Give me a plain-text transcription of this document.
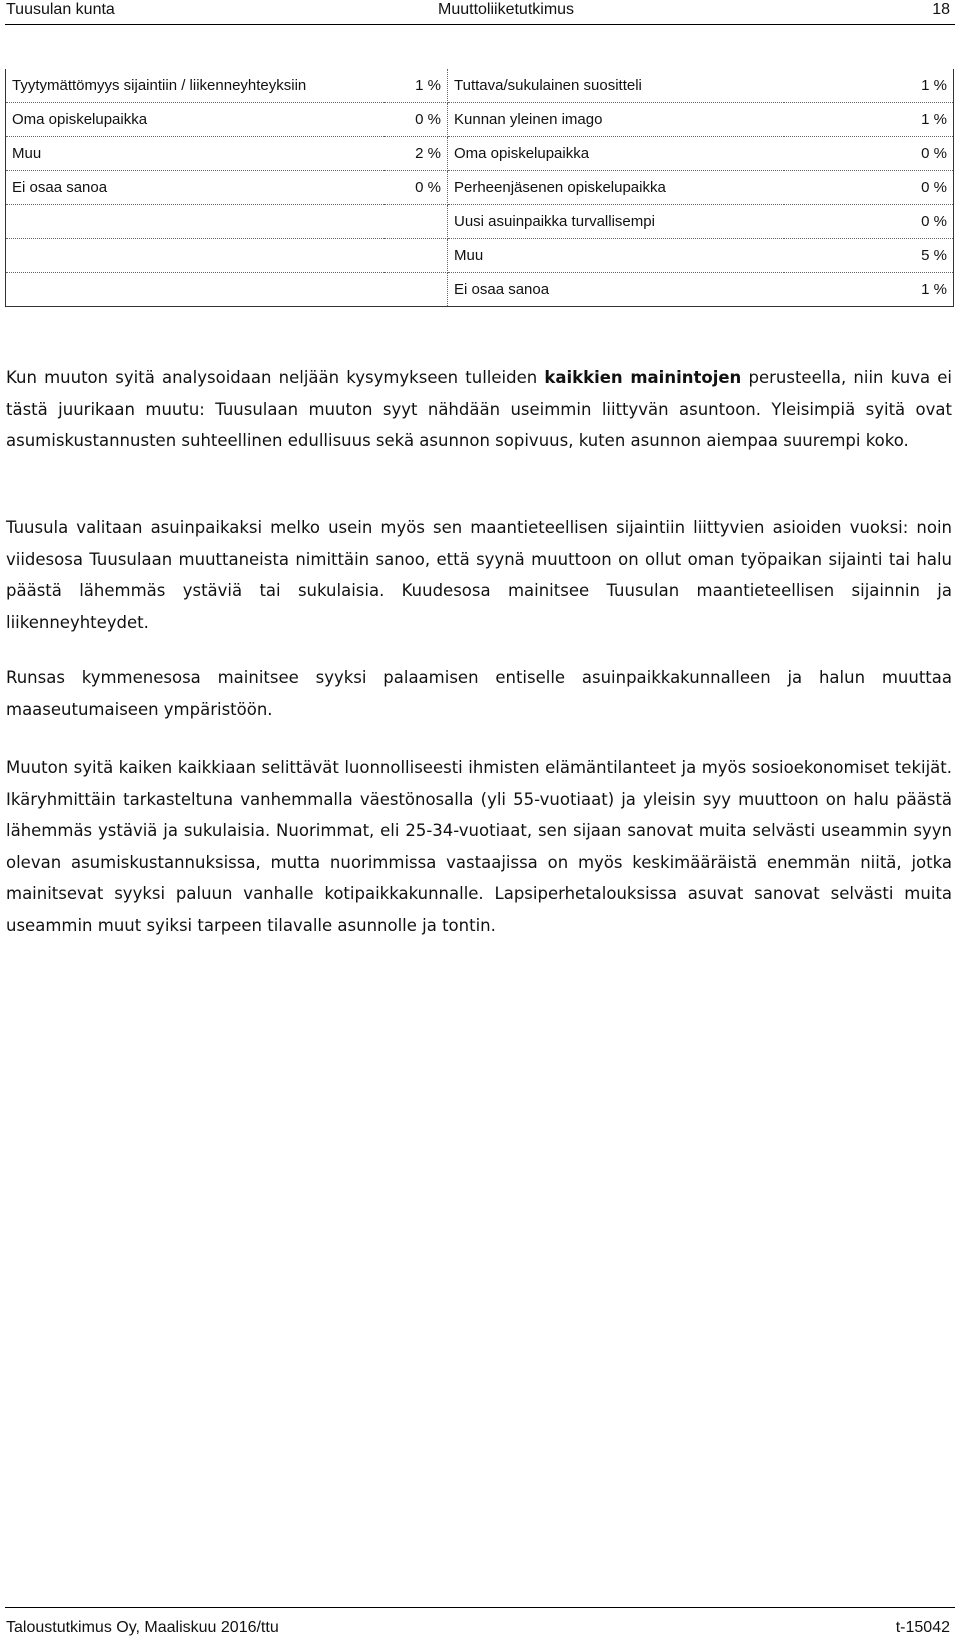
Tuusulan kunta	Muuttoliiketutkimus	18
Tyytymättömyys sijaintiin / liikenneyhteyksiin	1 %	Tuttava/sukulainen suositteli	1 %
Oma opiskelupaikka	0 %	Kunnan yleinen imago	1 %
Muu	2 %	Oma opiskelupaikka	0 %
Ei osaa sanoa	0 %	Perheenjäsenen opiskelupaikka	0 %
		Uusi asuinpaikka turvallisempi	0 %
		Muu	5 %
		Ei osaa sanoa	1 %

Kun muuton syitä analysoidaan neljään kysymykseen tulleiden kaikkien mainintojen perusteella, niin kuva ei tästä juurikaan muutu: Tuusulaan muuton syyt nähdään useimmin liittyvän asuntoon. Yleisimpiä syitä ovat asumiskustannusten suhteellinen edullisuus sekä asunnon sopivuus, kuten asunnon aiempaa suurempi koko.

Tuusula valitaan asuinpaikaksi melko usein myös sen maantieteellisen sijaintiin liittyvien asioiden vuoksi: noin viidesosa Tuusulaan muuttaneista nimittäin sanoo, että syynä muuttoon on ollut oman työpaikan sijainti tai halu päästä lähemmäs ystäviä tai sukulaisia. Kuudesosa mainitsee Tuusulan maantieteellisen sijainnin ja liikenneyhteydet.

Runsas kymmenesosa mainitsee syyksi palaamisen entiselle asuinpaikkakunnalleen ja halun muuttaa maaseutumaiseen ympäristöön.

Muuton syitä kaiken kaikkiaan selittävät luonnolliseesti ihmisten elämäntilanteet ja myös sosioekonomiset tekijät. Ikäryhmittäin tarkasteltuna vanhemmalla väestönosalla (yli 55-vuotiaat) ja yleisin syy muuttoon on halu päästä lähemmäs ystäviä ja sukulaisia. Nuorimmat, eli 25-34-vuotiaat, sen sijaan sanovat muita selvästi useammin syyn olevan asumiskustannuksissa, mutta nuorimmissa vastaajissa on myös keskimääräistä enemmän niitä, jotka mainitsevat syyksi paluun vanhalle kotipaikkakunnalle. Lapsiperhetalouksissa asuvat sanovat selvästi muita useammin muut syiksi tarpeen tilavalle asunnolle ja tontin.

Taloustutkimus Oy, Maaliskuu 2016/ttu	t-15042
